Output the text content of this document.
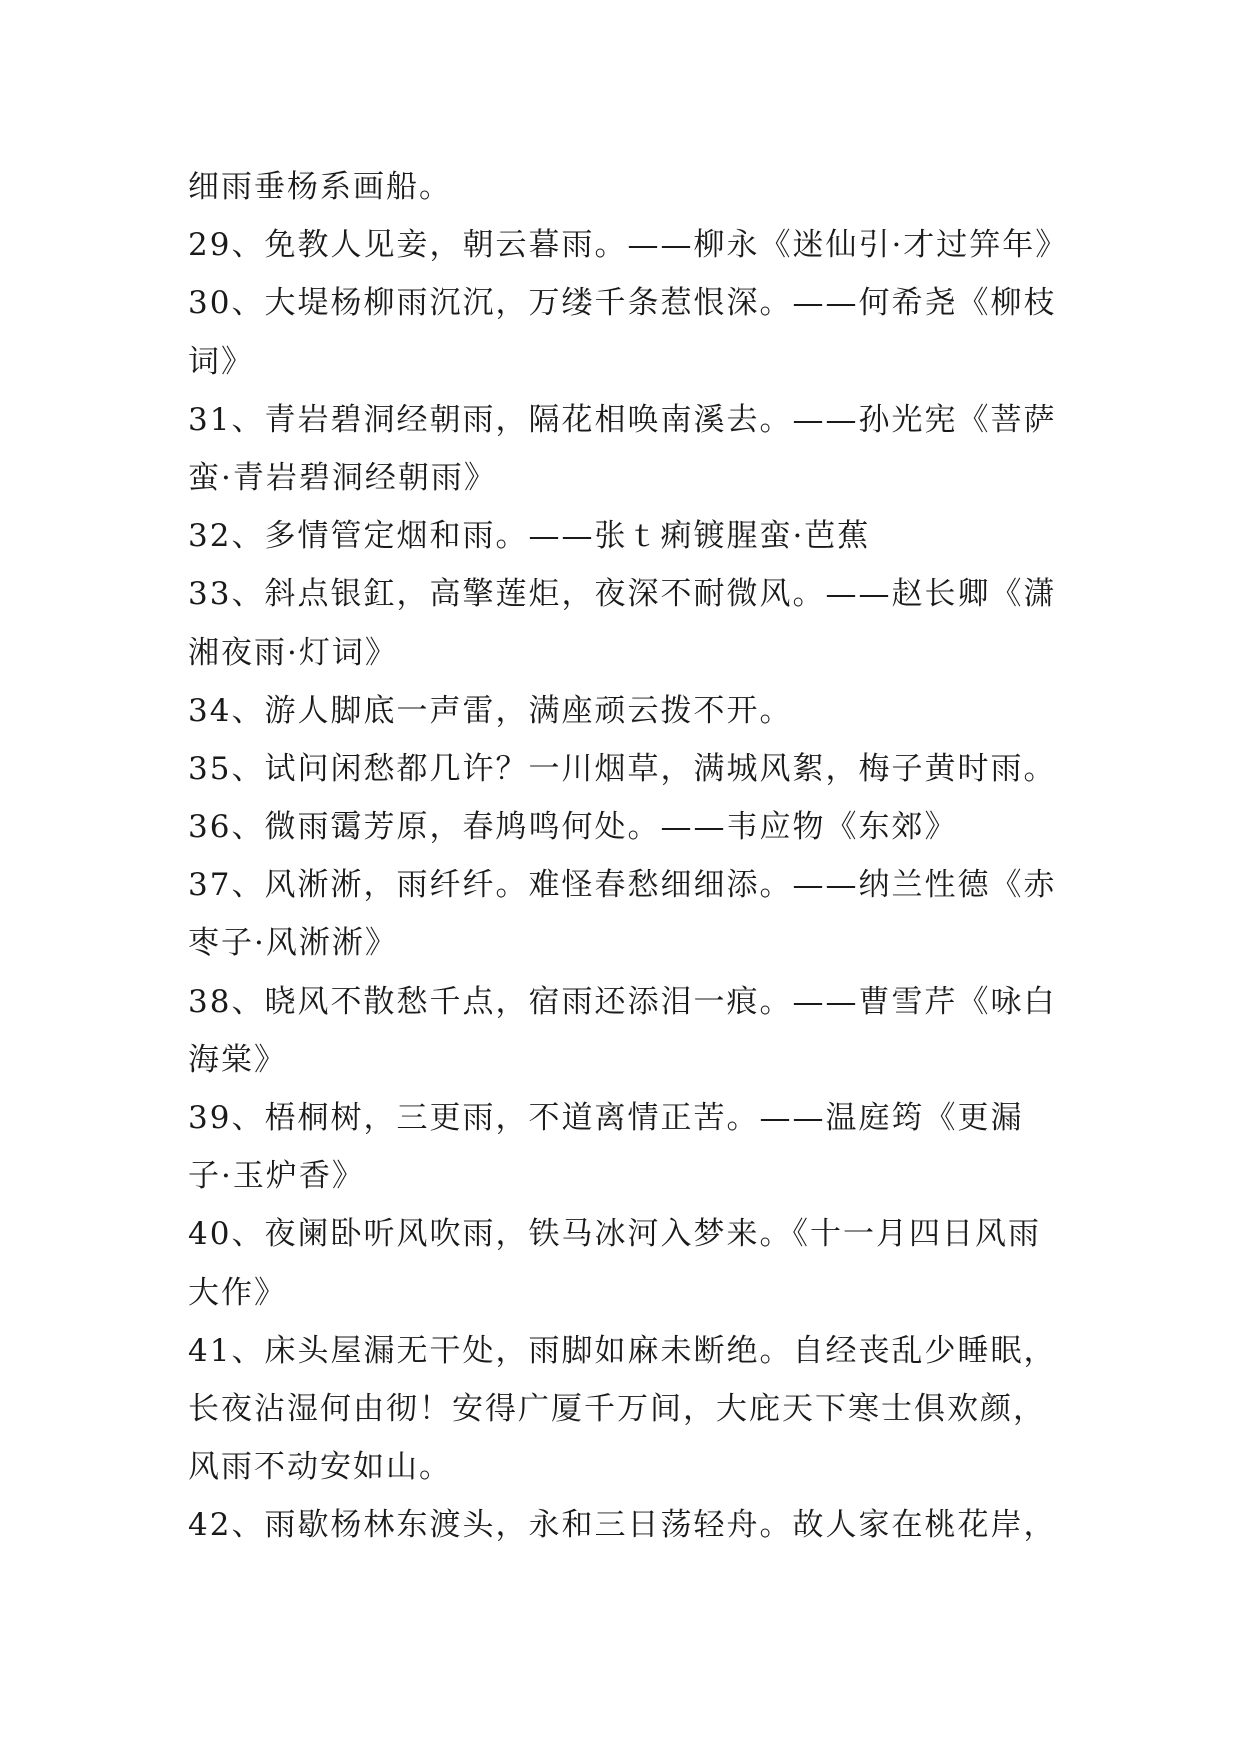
细雨垂杨系画船。
29、免教人见妾，朝云暮雨。——柳永《迷仙引·才过笄年》
30、大堤杨柳雨沉沉，万缕千条惹恨深。——何希尧《柳枝
词》
31、青岩碧洞经朝雨，隔花相唤南溪去。——孙光宪《菩萨
蛮·青岩碧洞经朝雨》
32、多情管定烟和雨。——张ｔ痢镀腥蛮·芭蕉
33、斜点银釭，高擎莲炬，夜深不耐微风。——赵长卿《潇
湘夜雨·灯词》
34、游人脚底一声雷，满座顽云拨不开。
35、试问闲愁都几许？一川烟草，满城风絮，梅子黄时雨。
36、微雨霭芳原，春鸠鸣何处。——韦应物《东郊》
37、风淅淅，雨纤纤。难怪春愁细细添。——纳兰性德《赤
枣子·风淅淅》
38、晓风不散愁千点，宿雨还添泪一痕。——曹雪芹《咏白
海棠》
39、梧桐树，三更雨，不道离情正苦。——温庭筠《更漏
子·玉炉香》
40、夜阑卧听风吹雨，铁马冰河入梦来。《十一月四日风雨
大作》
41、床头屋漏无干处，雨脚如麻未断绝。自经丧乱少睡眠，
长夜沾湿何由彻！安得广厦千万间，大庇天下寒士俱欢颜，
风雨不动安如山。
42、雨歇杨林东渡头，永和三日荡轻舟。故人家在桃花岸，
